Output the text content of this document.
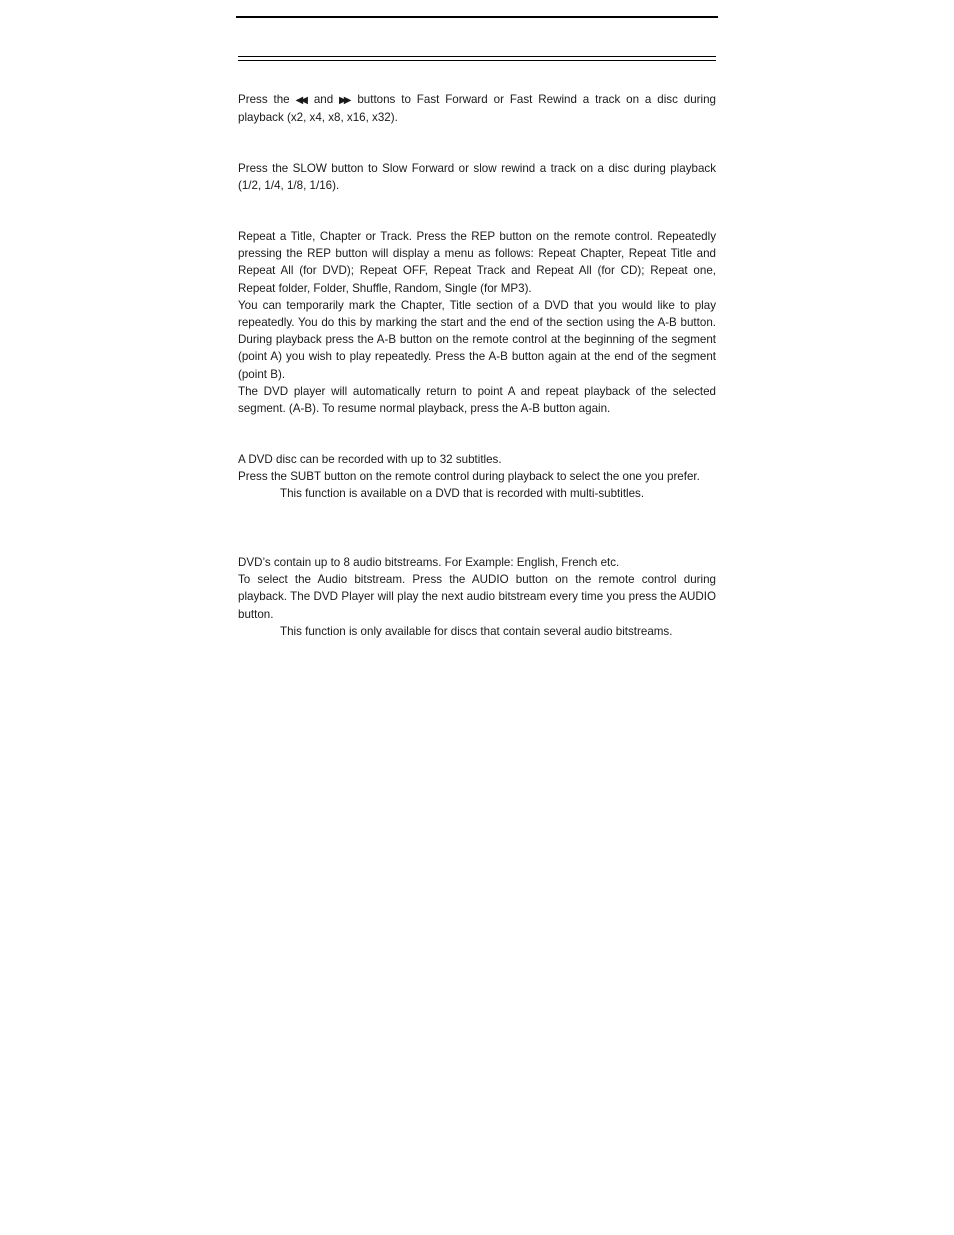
Press the ◀◀ and ▶▶ buttons to Fast Forward or Fast Rewind a track on a disc during playback (x2, x4, x8, x16, x32).

Press the SLOW button to Slow Forward or slow rewind a track on a disc during playback (1/2, 1/4, 1/8, 1/16).

Repeat a Title, Chapter or Track. Press the REP button on the remote control. Repeatedly pressing the REP button will display a menu as follows: Repeat Chapter, Repeat Title and Repeat All (for DVD); Repeat OFF, Repeat Track and Repeat All (for CD); Repeat one, Repeat folder, Folder, Shuffle, Random, Single (for MP3).

You can temporarily mark the Chapter, Title section of a DVD that you would like to play repeatedly. You do this by marking the start and the end of the section using the A-B button. During playback press the A-B button on the remote control at the beginning of the segment (point A) you wish to play repeatedly. Press the A-B button again at the end of the segment (point B).

The DVD player will automatically return to point A and repeat playback of the selected segment. (A-B). To resume normal playback, press the A-B button again.

A DVD disc can be recorded with up to 32 subtitles.

Press the SUBT button on the remote control during playback to select the one you prefer.

This function is available on a DVD that is recorded with multi-subtitles.

DVD’s contain up to 8 audio bitstreams. For Example: English, French etc.

To select the Audio bitstream. Press the AUDIO button on the remote control during playback. The DVD Player will play the next audio bitstream every time you press the AUDIO button.

This function is only available for discs that contain several audio bitstreams.
